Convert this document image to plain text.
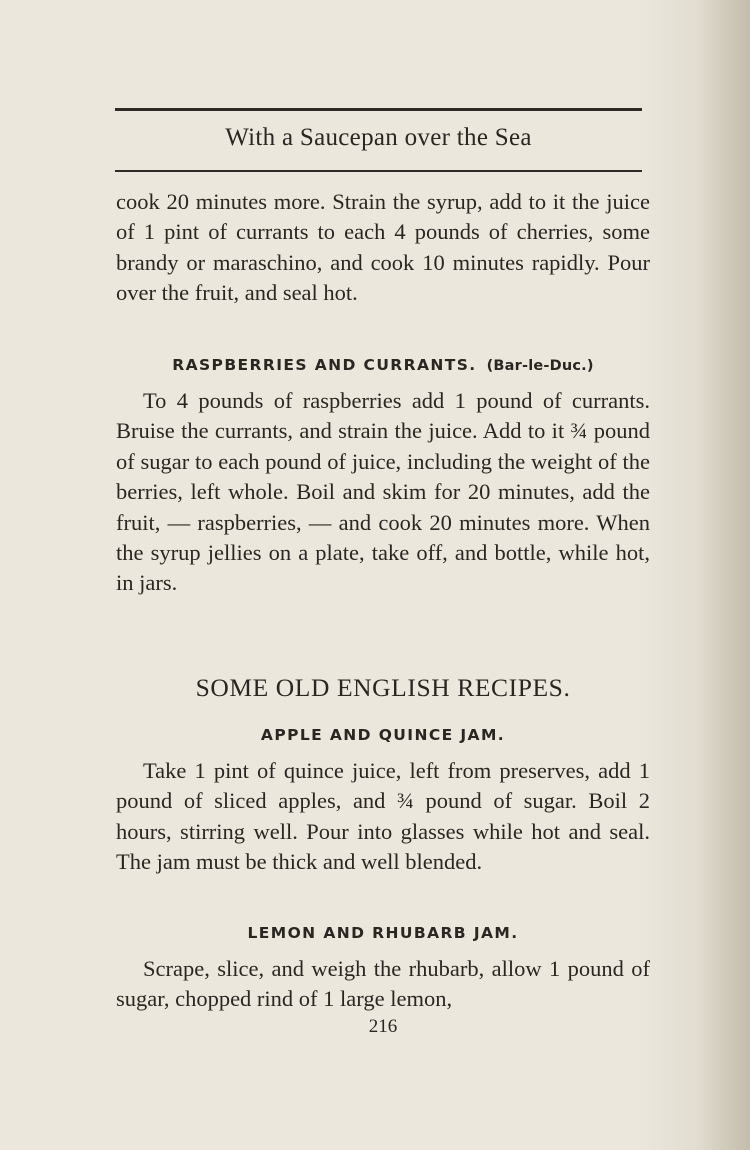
With a Saucepan over the Sea

cook 20 minutes more. Strain the syrup, add to it the juice of 1 pint of currants to each 4 pounds of cherries, some brandy or maraschino, and cook 10 minutes rapidly. Pour over the fruit, and seal hot.

RASPBERRIES AND CURRANTS. (Bar-le-Duc.)

To 4 pounds of raspberries add 1 pound of currants. Bruise the currants, and strain the juice. Add to it ¾ pound of sugar to each pound of juice, including the weight of the berries, left whole. Boil and skim for 20 minutes, add the fruit, — raspberries, — and cook 20 minutes more. When the syrup jellies on a plate, take off, and bottle, while hot, in jars.

SOME OLD ENGLISH RECIPES.

APPLE AND QUINCE JAM.

Take 1 pint of quince juice, left from preserves, add 1 pound of sliced apples, and ¾ pound of sugar. Boil 2 hours, stirring well. Pour into glasses while hot and seal. The jam must be thick and well blended.

LEMON AND RHUBARB JAM.

Scrape, slice, and weigh the rhubarb, allow 1 pound of sugar, chopped rind of 1 large lemon,

216
